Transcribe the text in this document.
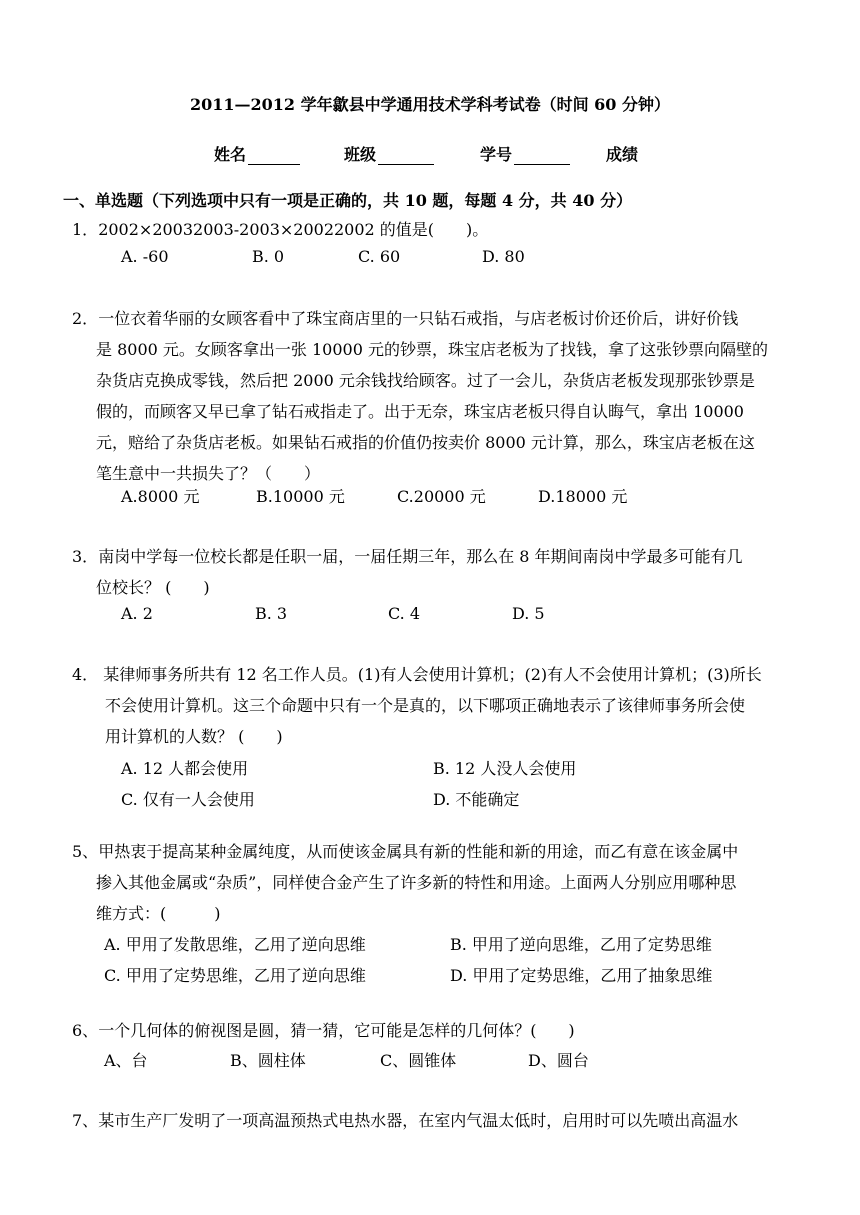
2011—2012 学年歙县中学通用技术学科考试卷（时间 60 分钟）
姓名	班级	学号	成绩
一、单选题（下列选项中只有一项是正确的，共 10 题，每题 4 分，共 40 分）
1．2002×20032003-2003×20022002 的值是(　　)。
A. -60	B. 0	C. 60	D. 80
2．一位衣着华丽的女顾客看中了珠宝商店里的一只钻石戒指，与店老板讨价还价后，讲好价钱
是 8000 元。女顾客拿出一张 10000 元的钞票，珠宝店老板为了找钱，拿了这张钞票向隔壁的
杂货店克换成零钱，然后把 2000 元余钱找给顾客。过了一会儿，杂货店老板发现那张钞票是
假的，而顾客又早已拿了钻石戒指走了。出于无奈，珠宝店老板只得自认晦气，拿出 10000
元，赔给了杂货店老板。如果钻石戒指的价值仍按卖价 8000 元计算，那么，珠宝店老板在这
笔生意中一共损失了？（　　）
A.8000 元	B.10000 元	C.20000 元	D.18000 元
3．南岗中学每一位校长都是任职一届，一届任期三年，那么在 8 年期间南岗中学最多可能有几
位校长？ (　　)
A. 2	B. 3	C. 4	D. 5
4． 某律师事务所共有 12 名工作人员。(1)有人会使用计算机；(2)有人不会使用计算机；(3)所长
不会使用计算机。这三个命题中只有一个是真的，以下哪项正确地表示了该律师事务所会使
用计算机的人数？ (　　)
A. 12 人都会使用	B. 12 人没人会使用
C. 仅有一人会使用	D. 不能确定
5、甲热衷于提高某种金属纯度，从而使该金属具有新的性能和新的用途，而乙有意在该金属中
掺入其他金属或“杂质”，同样使合金产生了许多新的特性和用途。上面两人分别应用哪种思
维方式：(　　　)
A. 甲用了发散思维，乙用了逆向思维	B. 甲用了逆向思维，乙用了定势思维
C. 甲用了定势思维，乙用了逆向思维	D. 甲用了定势思维，乙用了抽象思维
6、一个几何体的俯视图是圆，猜一猜，它可能是怎样的几何体？(　　)
A、台	B、圆柱体	C、圆锥体	D、圆台
7、某市生产厂发明了一项高温预热式电热水器，在室内气温太低时，启用时可以先喷出高温水
